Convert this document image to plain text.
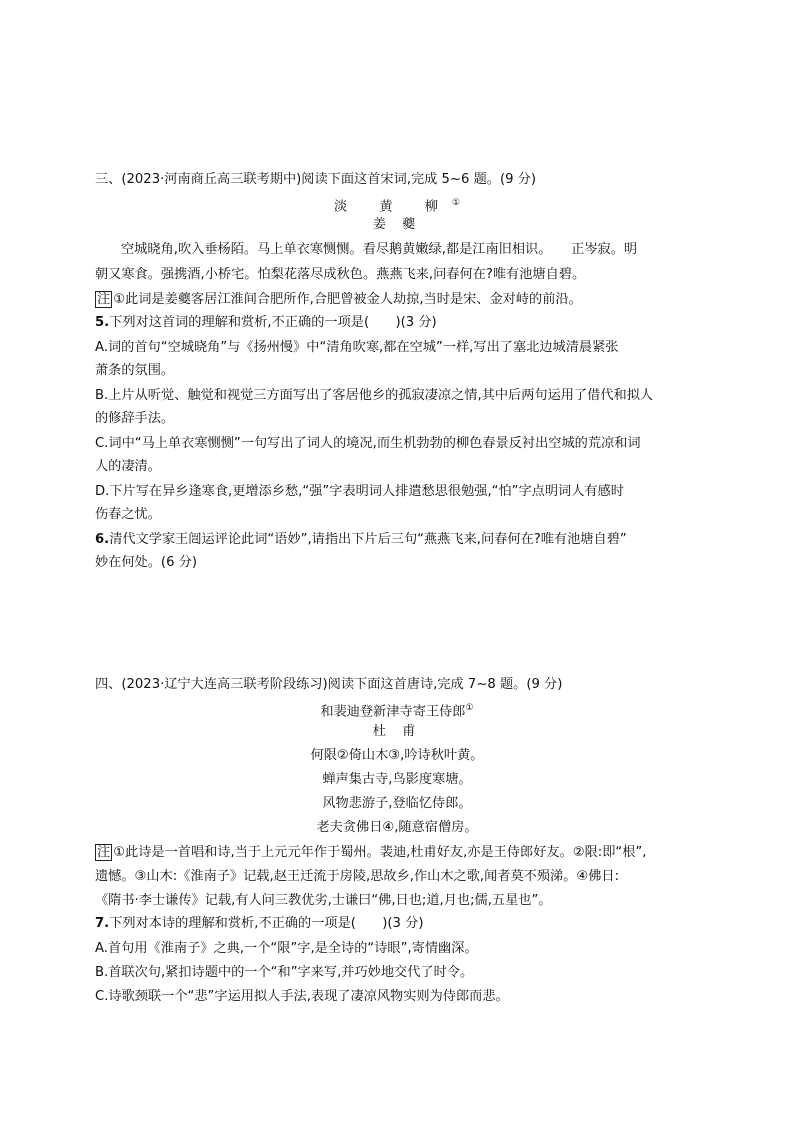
三、(2023·河南商丘高三联考期中)阅读下面这首宋词,完成 5~6 题。(9 分)
淡 黄 柳①
姜 夔
空城晓角,吹入垂杨陌。马上单衣寒恻恻。看尽鹅黄嫩绿,都是江南旧相识。　　正岑寂。明
朝又寒食。强携酒,小桥宅。怕梨花落尽成秋色。燕燕飞来,问春何在?唯有池塘自碧。
注 ①此词是姜夔客居江淮间合肥所作,合肥曾被金人劫掠,当时是宋、金对峙的前沿。
5.下列对这首词的理解和赏析,不正确的一项是(　　)(3 分)
A.词的首句“空城晓角”与《扬州慢》中“清角吹寒,都在空城”一样,写出了塞北边城清晨紧张
萧条的氛围。
B.上片从听觉、触觉和视觉三方面写出了客居他乡的孤寂凄凉之情,其中后两句运用了借代和拟人
的修辞手法。
C.词中“马上单衣寒恻恻”一句写出了词人的境况,而生机勃勃的柳色春景反衬出空城的荒凉和词
人的凄清。
D.下片写在异乡逢寒食,更增添乡愁,“强”字表明词人排遣愁思很勉强,“怕”字点明词人有感时
伤春之忧。
6.清代文学家王闿运评论此词“语妙”,请指出下片后三句“燕燕飞来,问春何在?唯有池塘自碧”
妙在何处。(6 分)
四、(2023·辽宁大连高三联考阶段练习)阅读下面这首唐诗,完成 7~8 题。(9 分)
和裴迪登新津寺寄王侍郎①
杜 甫
何限②倚山木③,吟诗秋叶黄。
蝉声集古寺,鸟影度寒塘。
风物悲游子,登临忆侍郎。
老夫贪佛日④,随意宿僧房。
注 ①此诗是一首唱和诗,当于上元元年作于蜀州。裴迪,杜甫好友,亦是王侍郎好友。②限:即“根”,
遗憾。③山木:《淮南子》记载,赵王迁流于房陵,思故乡,作山木之歌,闻者莫不殒涕。④佛日:
《隋书·李士谦传》记载,有人问三教优劣,士谦曰“佛,日也;道,月也;儒,五星也”。
7.下列对本诗的理解和赏析,不正确的一项是(　　)(3 分)
A.首句用《淮南子》之典,一个“限”字,是全诗的“诗眼”,寄情幽深。
B.首联次句,紧扣诗题中的一个“和”字来写,并巧妙地交代了时令。
C.诗歌颈联一个“悲”字运用拟人手法,表现了凄凉风物实则为侍郎而悲。
